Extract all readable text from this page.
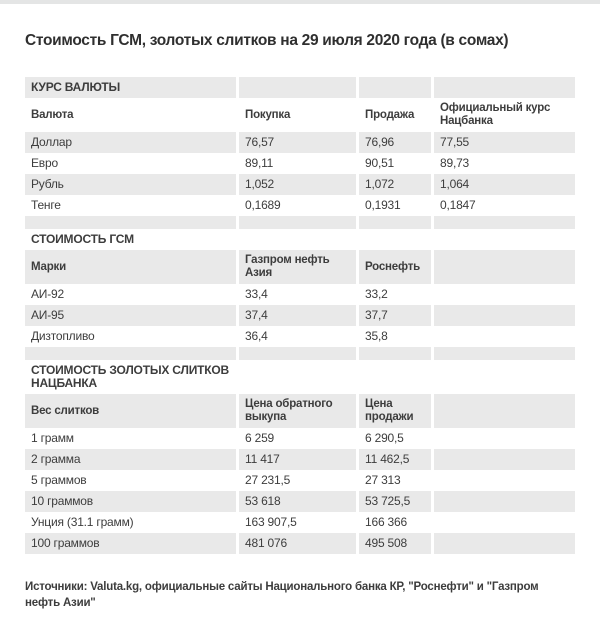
Стоимость ГСМ, золотых слитков на 29 июля 2020 года (в сомах)
КУРС ВАЛЮТЫ			
Валюта	Покупка	Продажа	Официальный курс Нацбанка
Доллар	76,57	76,96	77,55
Евро	89,11	90,51	89,73
Рубль	1,052	1,072	1,064
Тенге	0,1689	0,1931	0,1847

СТОИМОСТЬ ГСМ			
Марки	Газпром нефть Азия	Роснефть	
АИ-92	33,4	33,2	
АИ-95	37,4	37,7	
Дизтопливо	36,4	35,8	

СТОИМОСТЬ ЗОЛОТЫХ СЛИТКОВ НАЦБАНКА			
Вес слитков	Цена обратного выкупа	Цена продажи	
1 грамм	6 259	6 290,5	
2 грамма	11 417	11 462,5	
5 граммов	27 231,5	27 313	
10 граммов	53 618	53 725,5	
Унция (31.1 грамм)	163 907,5	166 366	
100 граммов	481 076	495 508	

Источники: Valuta.kg, официальные сайты Национального банка КР, "Роснефти" и "Газпром нефть Азии"
